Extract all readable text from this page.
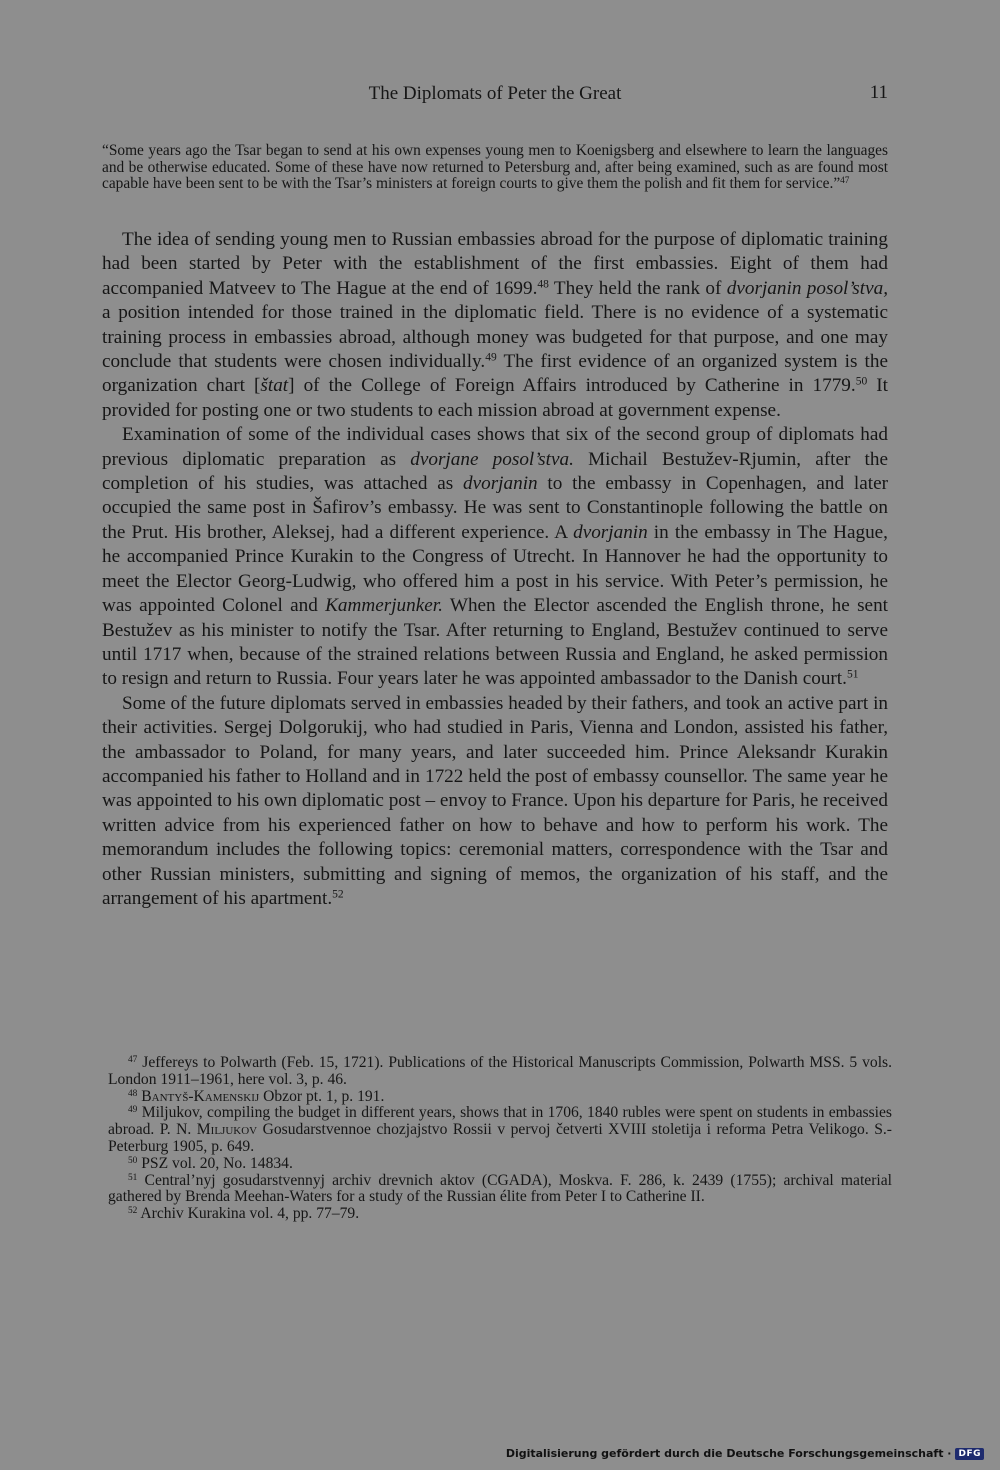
The Diplomats of Peter the Great	11
“Some years ago the Tsar began to send at his own expenses young men to Koenigsberg and elsewhere to learn the languages and be otherwise educated. Some of these have now returned to Petersburg and, after being examined, such as are found most capable have been sent to be with the Tsar’s ministers at foreign courts to give them the polish and fit them for service.”$^{47}$

The idea of sending young men to Russian embassies abroad for the purpose of diplomatic training had been started by Peter with the establishment of the first embassies. Eight of them had accompanied Matveev to The Hague at the end of 1699.48 They held the rank of dvorjanin posol’stva, a position intended for those trained in the diplomatic field. There is no evidence of a systematic training process in embassies abroad, although money was budgeted for that purpose, and one may conclude that students were chosen individually.$^{49}$ The first evidence of an organized system is the organization chart [štat] of the College of Foreign Affairs introduced by Catherine in 1779.50 It provided for posting one or two students to each mission abroad at government expense.

Examination of some of the individual cases shows that six of the second group of diplomats had previous diplomatic preparation as dvorjane posol’stva. Michail Bestužev-Rjumin, after the completion of his studies, was attached as dvorjanin to the embassy in Copenhagen, and later occupied the same post in Šafirov’s embassy. He was sent to Constantinople following the battle on the Prut. His brother, Aleksej, had a different experience. A dvorjanin in the embassy in The Hague, he accompanied Prince Kurakin to the Congress of Utrecht. In Hannover he had the opportunity to meet the Elector Georg-Ludwig, who offered him a post in his service. With Peter’s permission, he was appointed Colonel and Kammerjunker. When the Elector ascended the English throne, he sent Bestužev as his minister to notify the Tsar. After returning to England, Bestužev continued to serve until 1717 when, because of the strained relations between Russia and England, he asked permission to resign and return to Russia. Four years later he was appointed ambassador to the Danish court.$^{51}$

Some of the future diplomats served in embassies headed by their fathers, and took an active part in their activities. Sergej Dolgorukij, who had studied in Paris, Vienna and London, assisted his father, the ambassador to Poland, for many years, and later succeeded him. Prince Aleksandr Kurakin accompanied his father to Holland and in 1722 held the post of embassy counsellor. The same year he was appointed to his own diplomatic post – envoy to France. Upon his departure for Paris, he received written advice from his experienced father on how to behave and how to perform his work. The memorandum includes the following topics: ceremonial matters, correspondence with the Tsar and other Russian ministers, submitting and signing of memos, the organization of his staff, and the arrangement of his apartment.$^{52}$

$^{47}$ Jeffereys to Polwarth (Feb. 15, 1721). Publications of the Historical Manuscripts Commission, Polwarth MSS. 5 vols. London 1911–1961, here vol. 3, p. 46.

$^{48}$ Bantyš-Kamenskij Obzor pt. 1, p. 191.

$^{49}$ Miljukov, compiling the budget in different years, shows that in 1706, 1840 rubles were spent on students in embassies abroad. P. N. Miljukov Gosudarstvennoe chozjajstvo Rossii v pervoj četverti XVIII stoletija i reforma Petra Velikogo. S.-Peterburg 1905, p. 649.

$^{50}$ PSZ vol. 20, No. 14834.

$^{51}$ Central’nyj gosudarstvennyj archiv drevnich aktov (CGADA), Moskva. F. 286, k. 2439 (1755); archival material gathered by Brenda Meehan-Waters for a study of the Russian élite from Peter I to Catherine II.

$^{52}$ Archiv Kurakina vol. 4, pp. 77–79.

Digitalisierung gefördert durch die Deutsche Forschungsgemeinschaft · DFG
